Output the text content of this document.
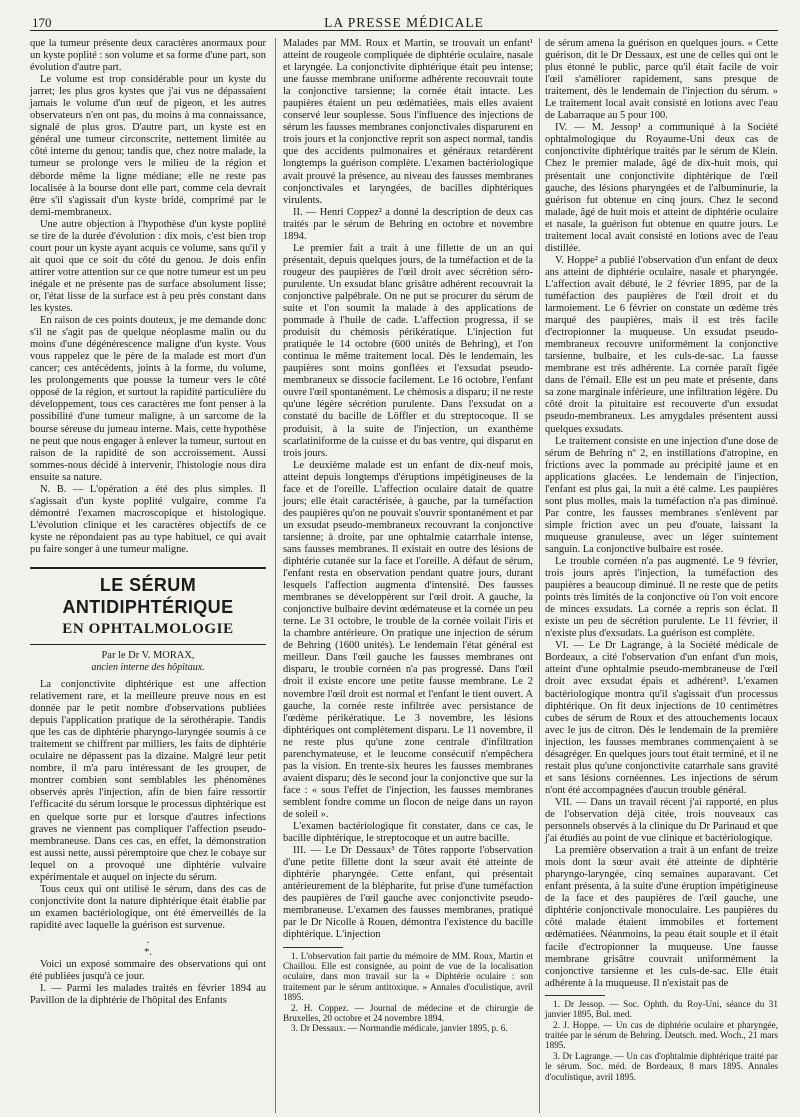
170	LA PRESSE MÉDICALE

que la tumeur présente deux caractères anormaux pour un kyste poplité : son volume et sa forme d'une part, son évolution d'autre part.

Le volume est trop considérable pour un kyste du jarret; les plus gros kystes que j'ai vus ne dépassaient jamais le volume d'un œuf de pigeon, et les autres observateurs n'en ont pas, du moins à ma connaissance, signalé de plus gros. D'autre part, un kyste est en général une tumeur circonscrite, nettement limitée au côté interne du genou; tandis que, chez notre malade, la tumeur se prolonge vers le milieu de la région et déborde même la ligne médiane; elle ne reste pas localisée à la bourse dont elle part, comme cela devrait être s'il s'agissait d'un kyste bridé, comprimé par le demi-membraneux.

Une autre objection à l'hypothèse d'un kyste poplité se tire de la durée d'évolution : dix mois, c'est bien trop court pour un kyste ayant acquis ce volume, sans qu'il y ait quoi que ce soit du côté du genou. Je dois enfin attirer votre attention sur ce que notre tumeur est un peu inégale et ne présente pas de surface absolument lisse; or, l'état lisse de la surface est à peu près constant dans les kystes.

En raison de ces points douteux, je me demande donc s'il ne s'agit pas de quelque néoplasme malin ou du moins d'une dégénérescence maligne d'un kyste. Vous vous rappelez que le père de la malade est mort d'un cancer; ces antécédents, joints à la forme, du volume, les prolongements que pousse la tumeur vers le côté opposé de la région, et surtout la rapidité particulière du développement, tous ces caractères me font penser à la possibilité d'une tumeur maligne, à un sarcome de la bourse séreuse du jumeau interne. Mais, cette hypothèse ne peut que nous engager à enlever la tumeur, surtout en raison de la rapidité de son accroissement. Aussi sommes-nous décidé à intervenir, l'histologie nous dira ensuite sa nature.

N. B. — L'opération a été des plus simples. Il s'agissait d'un kyste poplité vulgaire, comme l'a démontré l'examen macroscopique et histologique. L'évolution clinique et les caractères objectifs de ce kyste ne répondaient pas au type habituel, ce qui avait pu faire songer à une tumeur maligne.

LE SÉRUM ANTIDIPHTÉRIQUE
EN OPHTALMOLOGIE
Par le Dr V. MORAX,
ancien interne des hôpitaux.

La conjonctivite diphtérique est une affection relativement rare, et la meilleure preuve nous en est donnée par le petit nombre d'observations publiées depuis l'application pratique de la sérothérapie. Tandis que les cas de diphtérie pharyngo-laryngée soumis à ce traitement se chiffrent par milliers, les faits de diphtérie oculaire ne dépassent pas la dizaine. Malgré leur petit nombre, il m'a paru intéressant de les grouper, de montrer combien sont semblables les phénomènes observés après l'injection, afin de bien faire ressortir l'efficacité du sérum lorsque le processus diphtérique est en quelque sorte pur et lorsque d'autres infections graves ne viennent pas compliquer l'affection pseudo-membraneuse. Dans ces cas, en effet, la démonstration est aussi nette, aussi péremptoire que chez le cobaye sur lequel on a provoqué une diphtérie vulvaire expérimentale et auquel on injecte du sérum.

Tous ceux qui ont utilisé le sérum, dans des cas de conjonctivite dont la nature diphtérique était établie par un examen bactériologique, ont été émerveillés de la rapidité avec laquelle la guérison est survenue.

.
*.

Voici un exposé sommaire des observations qui ont été publiées jusqu'à ce jour.

I. — Parmi les malades traités en février 1894 au Pavillon de la diphtérie de l'hôpital des Enfants

Malades par MM. Roux et Martin, se trouvait un enfant¹ atteint de rougeole compliquée de diphtérie oculaire, nasale et laryngée. La conjonctivite diphtérique était peu intense; une fausse membrane uniforme adhérente recouvrait toute la conjonctive tarsienne; la cornée était intacte. Les paupières étaient un peu œdématiées, mais elles avaient conservé leur souplesse. Sous l'influence des injections de sérum les fausses membranes conjonctivales disparurent en trois jours et la conjonctive reprit son aspect normal, tandis que des accidents pulmonaires et généraux retardèrent longtemps la guérison complète. L'examen bactériologique avait prouvé la présence, au niveau des fausses membranes conjonctivales et laryngées, de bacilles diphtériques virulents.

II. — Henri Coppez² a donné la description de deux cas traités par le sérum de Behring en octobre et novembre 1894.

Le premier fait a trait à une fillette de un an qui présentait, depuis quelques jours, de la tuméfaction et de la rougeur des paupières de l'œil droit avec sécrétion séro-purulente. Un exsudat blanc grisâtre adhérent recouvrait la conjonctive palpébrale. On ne put se procurer du sérum de suite et l'on soumit la malade à des applications de pommade à l'huile de cade. L'affection progressa, il se produisit du chémosis périkératique. L'injection fut pratiquée le 14 octobre (600 unités de Behring), et l'on continua le même traitement local. Dès le lendemain, les paupières sont moins gonflées et l'exsudat pseudo-membraneux se dissocie facilement. Le 16 octobre, l'enfant ouvre l'œil spontanément. Le chémosis a disparu; il ne reste qu'une légère sécrétion purulente. Dans l'exsudat on a constaté du bacille de Löffler et du streptocoque. Il se produisit, à la suite de l'injection, un exanthème scarlatiniforme de la cuisse et du bas ventre, qui disparut en trois jours.

Le deuxième malade est un enfant de dix-neuf mois, atteint depuis longtemps d'éruptions impétigineuses de la face et de l'oreille. L'affection oculaire datait de quatre jours; elle était caractérisée, à gauche, par la tuméfaction des paupières qu'on ne pouvait s'ouvrir spontanément et par un exsudat pseudo-membraneux recouvrant la conjonctive tarsienne; à droite, par une ophtalmie catarrhale intense, sans fausses membranes. Il existait en outre des lésions de diphtérie cutanée sur la face et l'oreille. A défaut de sérum, l'enfant resta en observation pendant quatre jours, durant lesquels l'affection augmenta d'intensité. Des fausses membranes se développèrent sur l'œil droit. A gauche, la conjonctive bulbaire devint œdémateuse et la cornée un peu terne. Le 31 octobre, le trouble de la cornée voilait l'iris et la chambre antérieure. On pratique une injection de sérum de Behring (1600 unités). Le lendemain l'état général est meilleur. Dans l'œil gauche les fausses membranes ont disparu, le trouble cornéen n'a pas progressé. Dans l'œil droit il existe encore une petite fausse membrane. Le 2 novembre l'œil droit est normal et l'enfant le tient ouvert. A gauche, la cornée reste infiltrée avec persistance de l'œdème périkératique. Le 3 novembre, les lésions diphtériques ont complètement disparu. Le 11 novembre, il ne reste plus qu'une zone centrale d'infiltration parenchymateuse, et le leucome consécutif n'empêchera pas la vision. En trente-six heures les fausses membranes avaient disparu; dès le second jour la conjonctive que sur la face : « sous l'effet de l'injection, les fausses membranes semblent fondre comme un flocon de neige dans un rayon de soleil ».

L'examen bactériologique fit constater, dans ce cas, le bacille diphtérique, le streptocoque et un autre bacille.

III. — Le Dr Dessaux³ de Tôtes rapporte l'observation d'une petite fillette dont la sœur avait été atteinte de diphtérie pharyngée. Cette enfant, qui présentait antérieurement de la blépharite, fut prise d'une tuméfaction des paupières de l'œil gauche avec conjonctivite pseudo-membraneuse. L'examen des fausses membranes, pratiqué par le Dr Nicolle à Rouen, démontra l'existence du bacille diphtérique. L'injection

1. L'observation fait partie du mémoire de MM. Roux, Martin et Chaillou. Elle est consignée, au point de vue de la localisation oculaire, dans mon travail sur la « Diphtérie oculaire : son traitement par le sérum antitoxique. » Annales d'oculistique, avril 1895.

2. H. Coppez. — Journal de médecine et de chirurgie de Bruxelles, 20 octobre et 24 novembre 1894.

3. Dr Dessaux. — Normandie médicale, janvier 1895, p. 6.

de sérum amena la guérison en quelques jours. « Cette guérison, dit le Dr Dessaux, est une de celles qui ont le plus étonné le public, parce qu'il était facile de voir l'œil s'améliorer rapidement, sans presque de traitement, dès le lendemain de l'injection du sérum. » Le traitement local avait consisté en lotions avec l'eau de Labarraque au 5 pour 100.

IV. — M. Jessop¹ a communiqué à la Société ophtalmologique du Royaume-Uni deux cas de conjonctivite diphtérique traités par le sérum de Klein. Chez le premier malade, âgé de dix-huit mois, qui présentait une conjonctivite diphtérique de l'œil gauche, des lésions pharyngées et de l'albuminurie, la guérison fut obtenue en cinq jours. Chez le second malade, âgé de huit mois et atteint de diphtérie oculaire et nasale, la guérison fut obtenue en quatre jours. Le traitement local avait consisté en lotions avec de l'eau distillée.

V. Hoppe² a publié l'observation d'un enfant de deux ans atteint de diphtérie oculaire, nasale et pharyngée. L'affection avait débuté, le 2 février 1895, par de la tuméfaction des paupières de l'œil droit et du larmoiement. Le 6 février on constate un œdème très marqué des paupières, mais il est très facile d'ectropionner la muqueuse. Un exsudat pseudo-membraneux recouvre uniformément la conjonctive tarsienne, bulbaire, et les culs-de-sac. La fausse membrane est très adhérente. La cornée paraît figée dans de l'émail. Elle est un peu mate et présente, dans sa zone marginale inférieure, une infiltration légère. Du côté droit la pituitaire est recouverte d'un exsudat pseudo-membraneux. Les amygdales présentent aussi quelques exsudats.

Le traitement consiste en une injection d'une dose de sérum de Behring nº 2, en instillations d'atropine, en frictions avec la pommade au précipité jaune et en applications glacées. Le lendemain de l'injection, l'enfant est plus gai, la nuit a été calme. Les paupières sont plus molles, mais la tuméfaction n'a pas diminué. Par contre, les fausses membranes s'enlèvent par simple friction avec un peu d'ouate, laissant la muqueuse granuleuse, avec un léger suintement sanguin. La conjonctive bulbaire est rosée.

Le trouble cornéen n'a pas augmenté. Le 9 février, trois jours après l'injection, la tuméfaction des paupières a beaucoup diminué. Il ne reste que de petits points très limités de la conjonctive où l'on voit encore de minces exsudats. La cornée a repris son éclat. Il existe un peu de sécrétion purulente. Le 11 février, il n'existe plus d'exsudats. La guérison est complète.

VI. — Le Dr Lagrange, à la Société médicale de Bordeaux, a cité l'observation d'un enfant d'un mois, atteint d'une ophtalmie pseudo-membraneuse de l'œil droit avec exsudat épais et adhérent³. L'examen bactériologique montra qu'il s'agissait d'un processus diphtérique. On fit deux injections de 10 centimètres cubes de sérum de Roux et des attouchements locaux avec le jus de citron. Dès le lendemain de la première injection, les fausses membranes commençaient à se désagréger. En quelques jours tout était terminé, et il ne restait plus qu'une conjonctivite catarrhale sans gravité et sans lésions cornéennes. Les injections de sérum n'ont été accompagnées d'aucun trouble général.

VII. — Dans un travail récent j'ai rapporté, en plus de l'observation déjà citée, trois nouveaux cas personnels observés à la clinique du Dr Parinaud et que j'ai étudiés au point de vue clinique et bactériologique.

La première observation a trait à un enfant de treize mois dont la sœur avait été atteinte de diphtérie pharyngo-laryngée, cinq semaines auparavant. Cet enfant présenta, à la suite d'une éruption impétigineuse de la face et des paupières de l'œil gauche, une diphtérie conjonctivale monoculaire. Les paupières du côté malade étaient immobiles et fortement œdématiées. Néanmoins, la peau était souple et il était facile d'ectropionner la muqueuse. Une fausse membrane grisâtre couvrait uniformément la conjonctive tarsienne et les culs-de-sac. Elle était adhérente à la muqueuse. Il n'existait pas de

1. Dr Jessop. — Soc. Ophth. du Roy-Uni, séance du 31 janvier 1895, Bul. med.

2. J. Hoppe. — Un cas de diphtérie oculaire et pharyngée, traitée par le sérum de Behring. Deutsch. med. Woch., 21 mars 1895.

3. Dr Lagrange. — Un cas d'ophtalmie diphtérique traité par le sérum. Soc. méd. de Bordeaux, 8 mars 1895. Annales d'oculistique, avril 1895.
